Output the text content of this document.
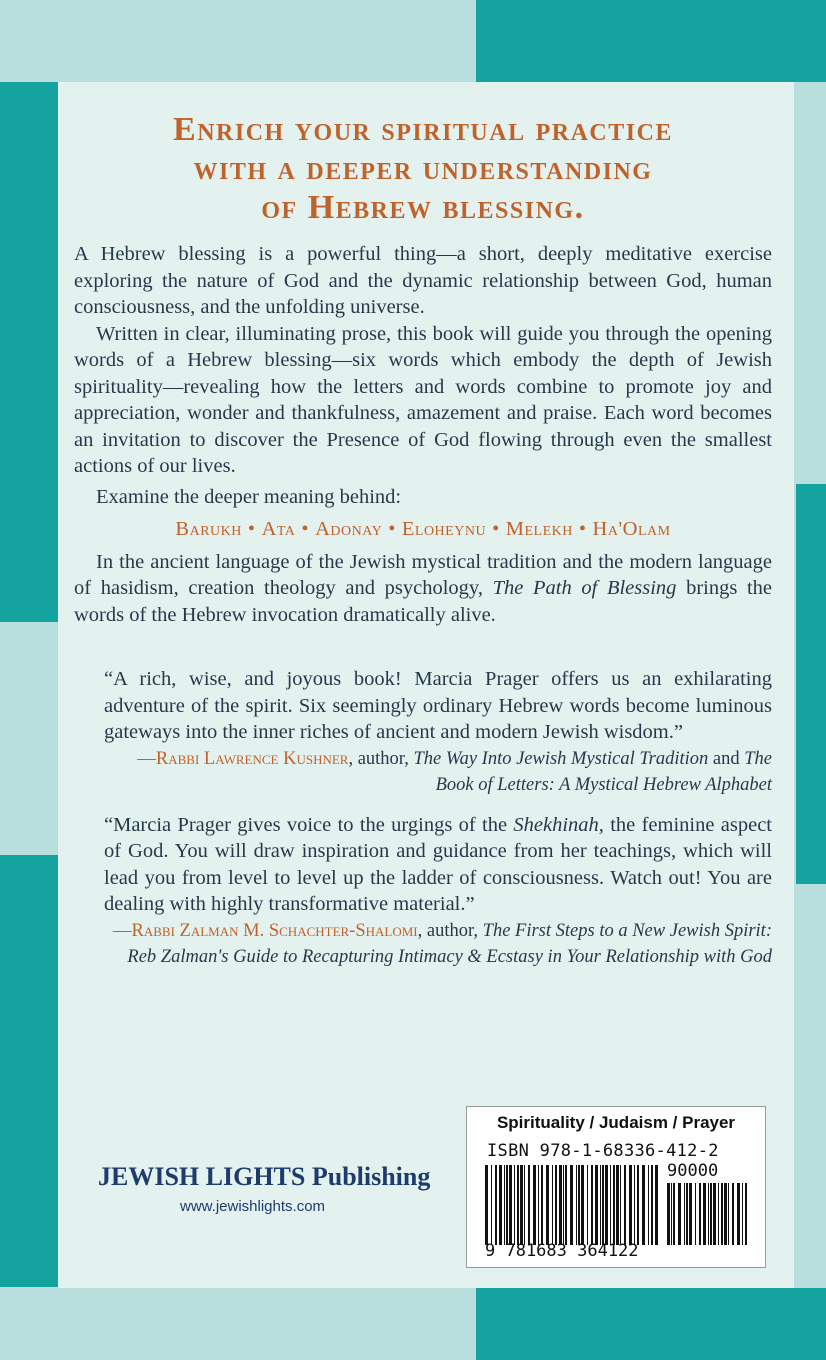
Enrich your spiritual practice
with a deeper understanding
of Hebrew blessing.

A Hebrew blessing is a powerful thing—a short, deeply meditative exercise exploring the nature of God and the dynamic relationship between God, human consciousness, and the unfolding universe.

Written in clear, illuminating prose, this book will guide you through the opening words of a Hebrew blessing—six words which embody the depth of Jewish spirituality—revealing how the letters and words combine to promote joy and appreciation, wonder and thankfulness, amazement and praise. Each word becomes an invitation to discover the Presence of God flowing through even the smallest actions of our lives.

Examine the deeper meaning behind:

Barukh • Ata • Adonay • Eloheynu • Melekh • Ha'Olam

In the ancient language of the Jewish mystical tradition and the modern language of hasidism, creation theology and psychology, The Path of Blessing brings the words of the Hebrew invocation dramatically alive.

“A rich, wise, and joyous book! Marcia Prager offers us an exhilarating adventure of the spirit. Six seemingly ordinary Hebrew words become luminous gateways into the inner riches of ancient and modern Jewish wisdom.”

—Rabbi Lawrence Kushner, author, The Way Into Jewish Mystical Tradition and The Book of Letters: A Mystical Hebrew Alphabet

“Marcia Prager gives voice to the urgings of the Shekhinah, the feminine aspect of God. You will draw inspiration and guidance from her teachings, which will lead you from level to level up the ladder of consciousness. Watch out! You are dealing with highly transformative material.”

—Rabbi Zalman M. Schachter-Shalomi, author, The First Steps to a New Jewish Spirit: Reb Zalman's Guide to Recapturing Intimacy & Ecstasy in Your Relationship with God
JEWISH LIGHTS Publishing
www.jewishlights.com
Spirituality / Judaism / Prayer
ISBN 978-1-68336-412-2
90000
9 781683 364122
